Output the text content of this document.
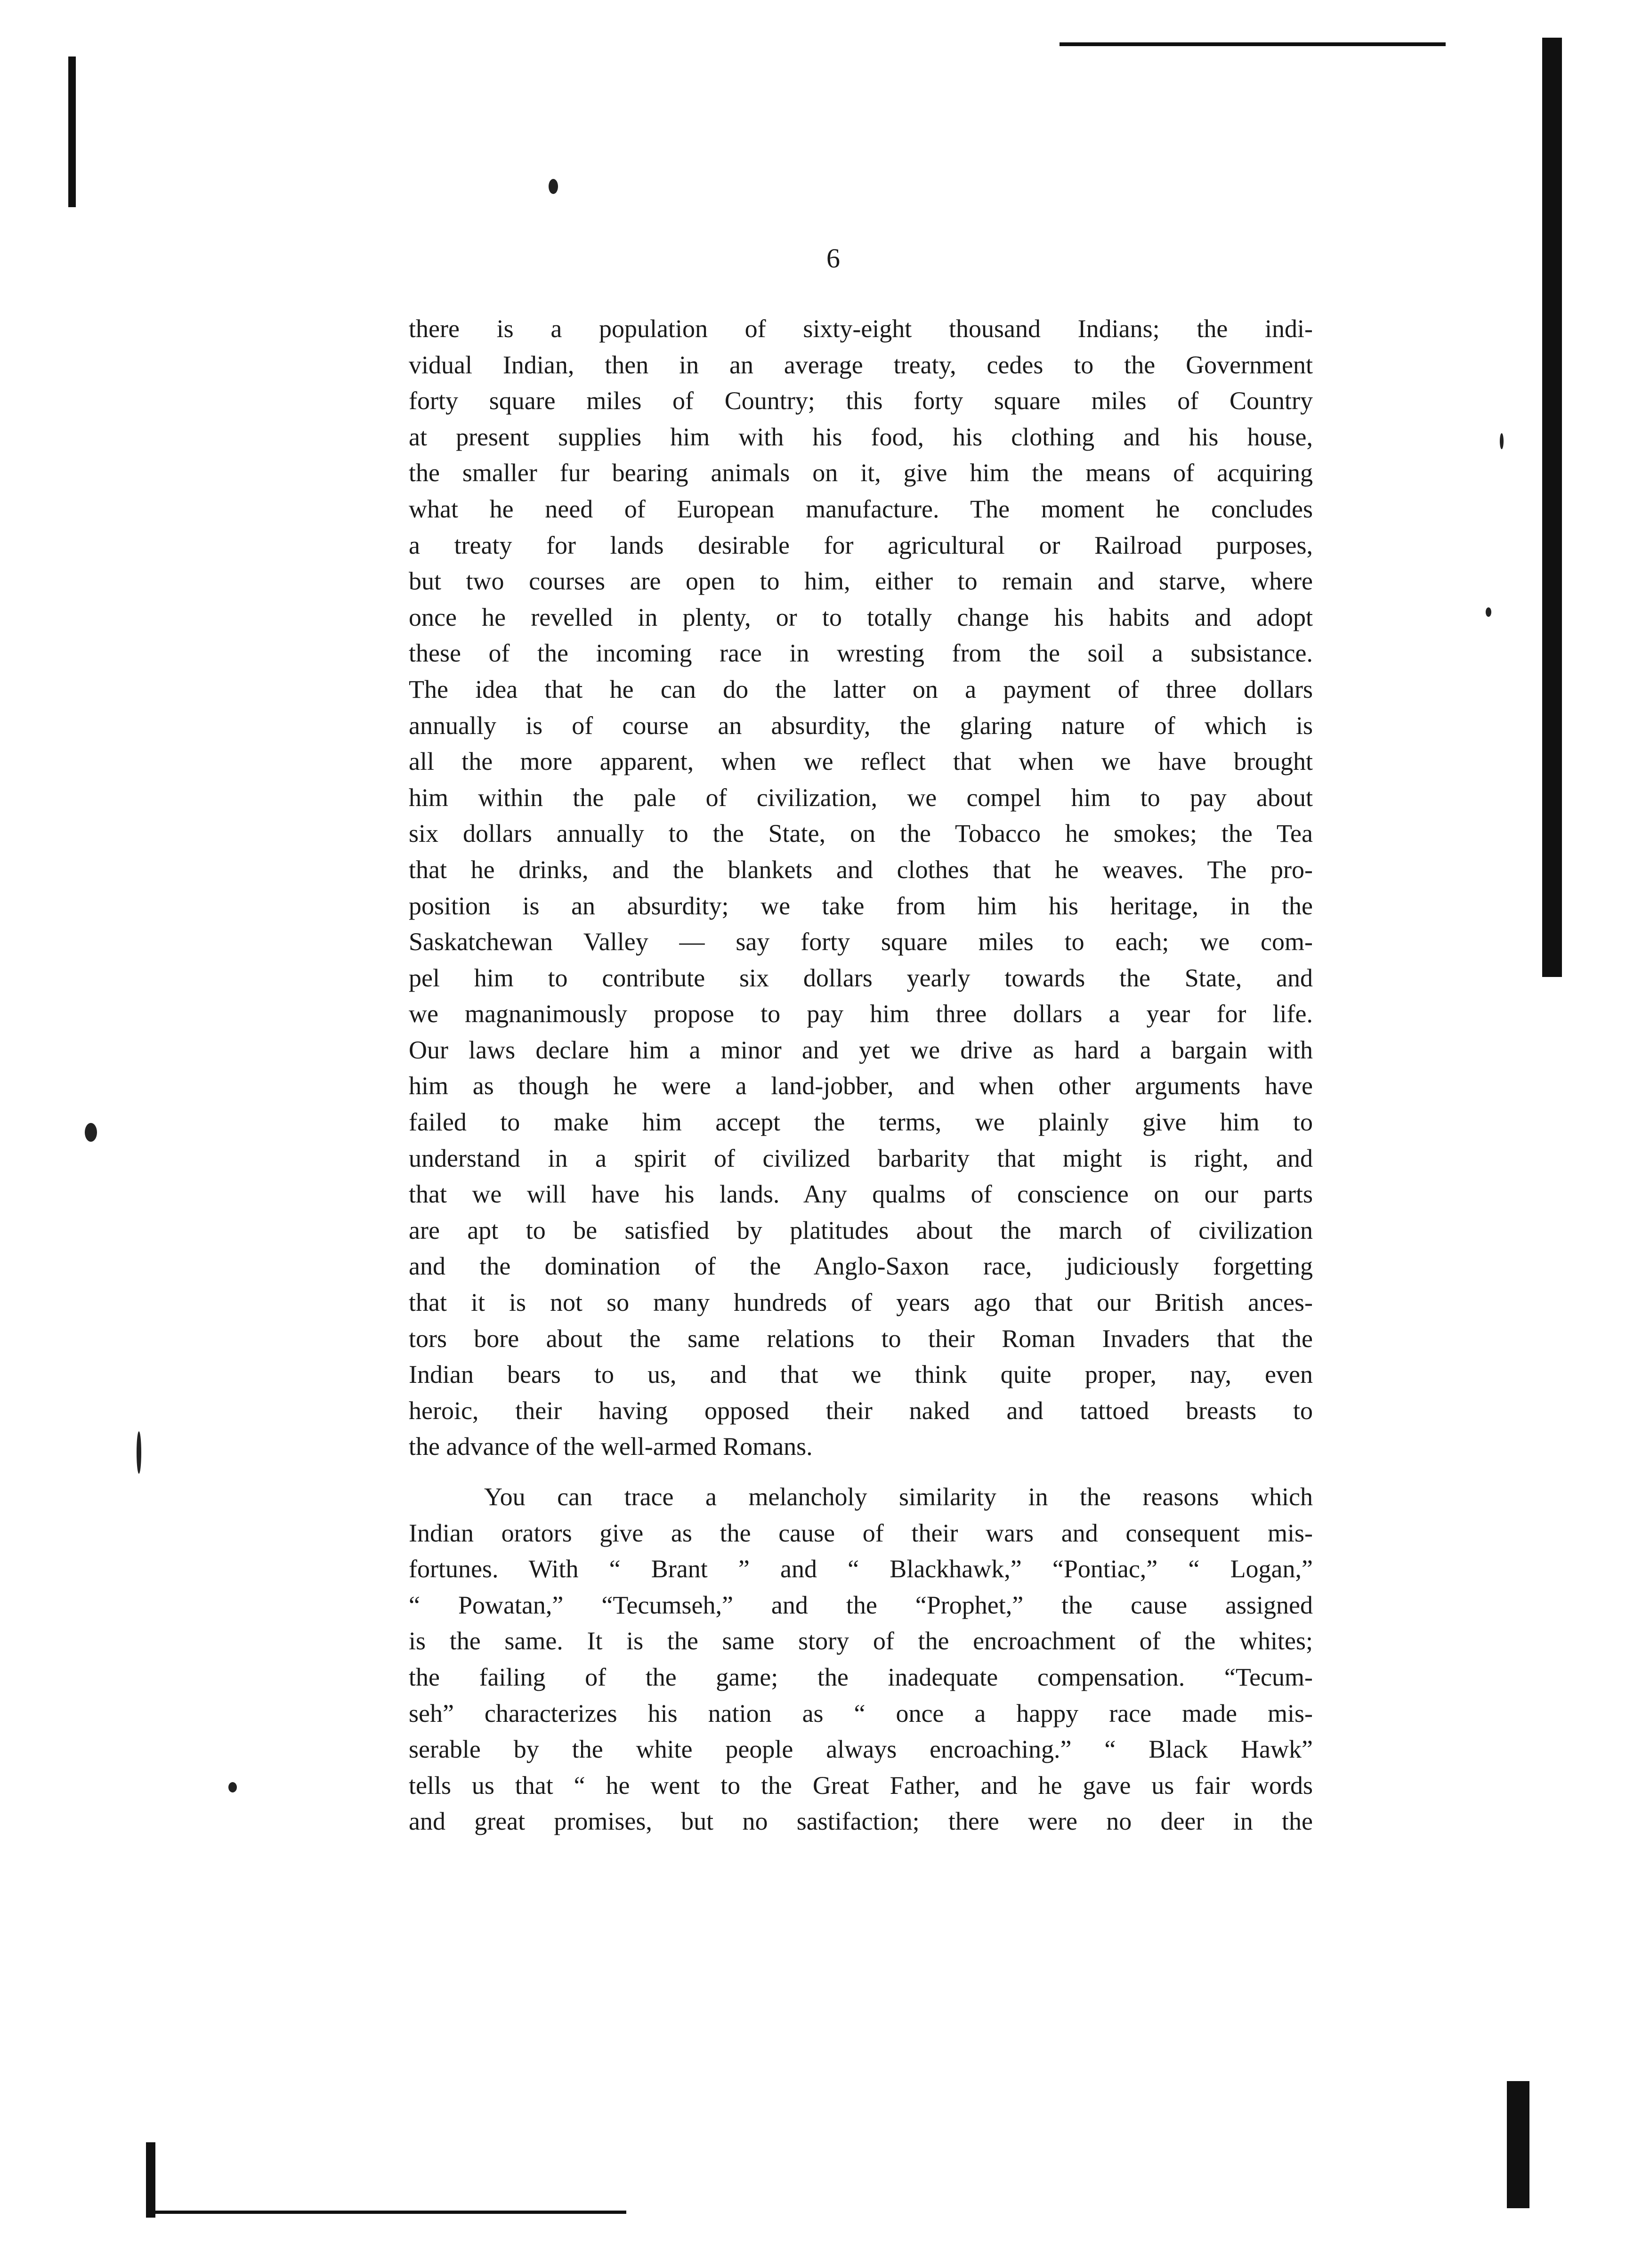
6
there is a population of sixty-eight thousand Indians; the indi-
vidual Indian, then in an average treaty, cedes to the Government
forty square miles of Country; this forty square miles of Country
at present supplies him with his food, his clothing and his house,
the smaller fur bearing animals on it, give him the means of acquiring
what he need of European manufacture. The moment he concludes
a treaty for lands desirable for agricultural or Railroad purposes,
but two courses are open to him, either to remain and starve, where
once he revelled in plenty, or to totally change his habits and adopt
these of the incoming race in wresting from the soil a subsistance.
The idea that he can do the latter on a payment of three dollars
annually is of course an absurdity, the glaring nature of which is
all the more apparent, when we reflect that when we have brought
him within the pale of civilization, we compel him to pay about
six dollars annually to the State, on the Tobacco he smokes; the Tea
that he drinks, and the blankets and clothes that he weaves. The pro-
position is an absurdity; we take from him his heritage, in the
Saskatchewan Valley — say forty square miles to each; we com-
pel him to contribute six dollars yearly towards the State, and
we magnanimously propose to pay him three dollars a year for life.
Our laws declare him a minor and yet we drive as hard a bargain with
him as though he were a land-jobber, and when other arguments have
failed to make him accept the terms, we plainly give him to
understand in a spirit of civilized barbarity that might is right, and
that we will have his lands. Any qualms of conscience on our parts
are apt to be satisfied by platitudes about the march of civilization
and the domination of the Anglo-Saxon race, judiciously forgetting
that it is not so many hundreds of years ago that our British ances-
tors bore about the same relations to their Roman Invaders that the
Indian bears to us, and that we think quite proper, nay, even
heroic, their having opposed their naked and tattoed breasts to
the advance of the well-armed Romans.
You can trace a melancholy similarity in the reasons which
Indian orators give as the cause of their wars and consequent mis-
fortunes. With “ Brant ” and “ Blackhawk,” “Pontiac,” “ Logan,”
“ Powatan,” “Tecumseh,” and the “Prophet,” the cause assigned
is the same. It is the same story of the encroachment of the whites;
the failing of the game; the inadequate compensation. “Tecum-
seh” characterizes his nation as “ once a happy race made mis-
serable by the white people always encroaching.” “ Black Hawk”
tells us that “ he went to the Great Father, and he gave us fair words
and great promises, but no sastifaction; there were no deer in the
